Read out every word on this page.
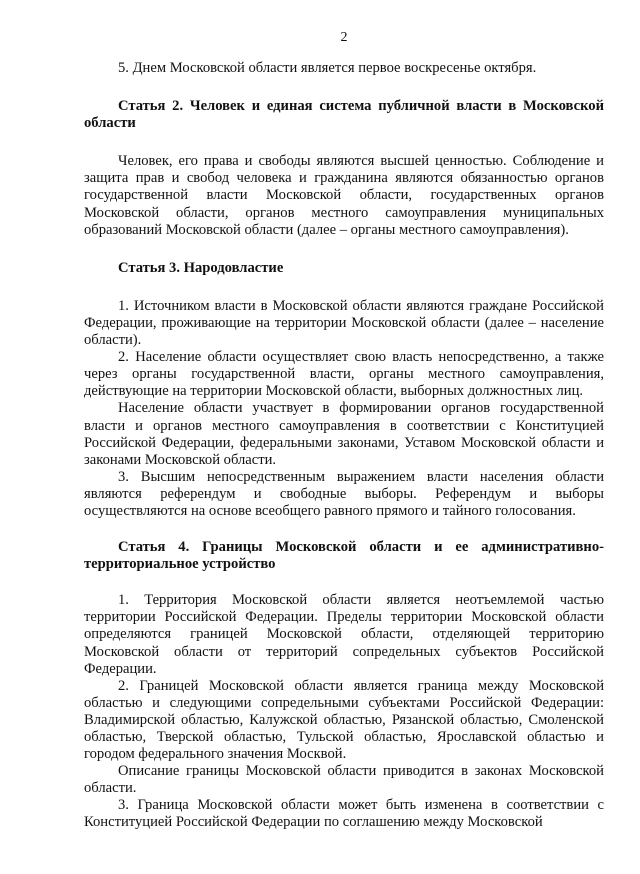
2

5. Днем Московской области является первое воскресенье октября.

Статья 2. Человек и единая система публичной власти в Московской области

Человек, его права и свободы являются высшей ценностью. Соблюдение и защита прав и свобод человека и гражданина являются обязанностью органов государственной власти Московской области, государственных органов Московской области, органов местного самоуправления муниципальных образований Московской области (далее – органы местного самоуправления).

Статья 3. Народовластие

1. Источником власти в Московской области являются граждане Российской Федерации, проживающие на территории Московской области (далее – население области).

2. Население области осуществляет свою власть непосредственно, а также через органы государственной власти, органы местного самоуправления, действующие на территории Московской области, выборных должностных лиц.

Население области участвует в формировании органов государственной власти и органов местного самоуправления в соответствии с Конституцией Российской Федерации, федеральными законами, Уставом Московской области и законами Московской области.

3. Высшим непосредственным выражением власти населения области являются референдум и свободные выборы. Референдум и выборы осуществляются на основе всеобщего равного прямого и тайного голосования.

Статья 4. Границы Московской области и ее административно-территориальное устройство

1. Территория Московской области является неотъемлемой частью территории Российской Федерации. Пределы территории Московской области определяются границей Московской области, отделяющей территорию Московской области от территорий сопредельных субъектов Российской Федерации.

2. Границей Московской области является граница между Московской областью и следующими сопредельными субъектами Российской Федерации: Владимирской областью, Калужской областью, Рязанской областью, Смоленской областью, Тверской областью, Тульской областью, Ярославской областью и городом федерального значения Москвой.

Описание границы Московской области приводится в законах Московской области.

3. Граница Московской области может быть изменена в соответствии с Конституцией Российской Федерации по соглашению между Московской
